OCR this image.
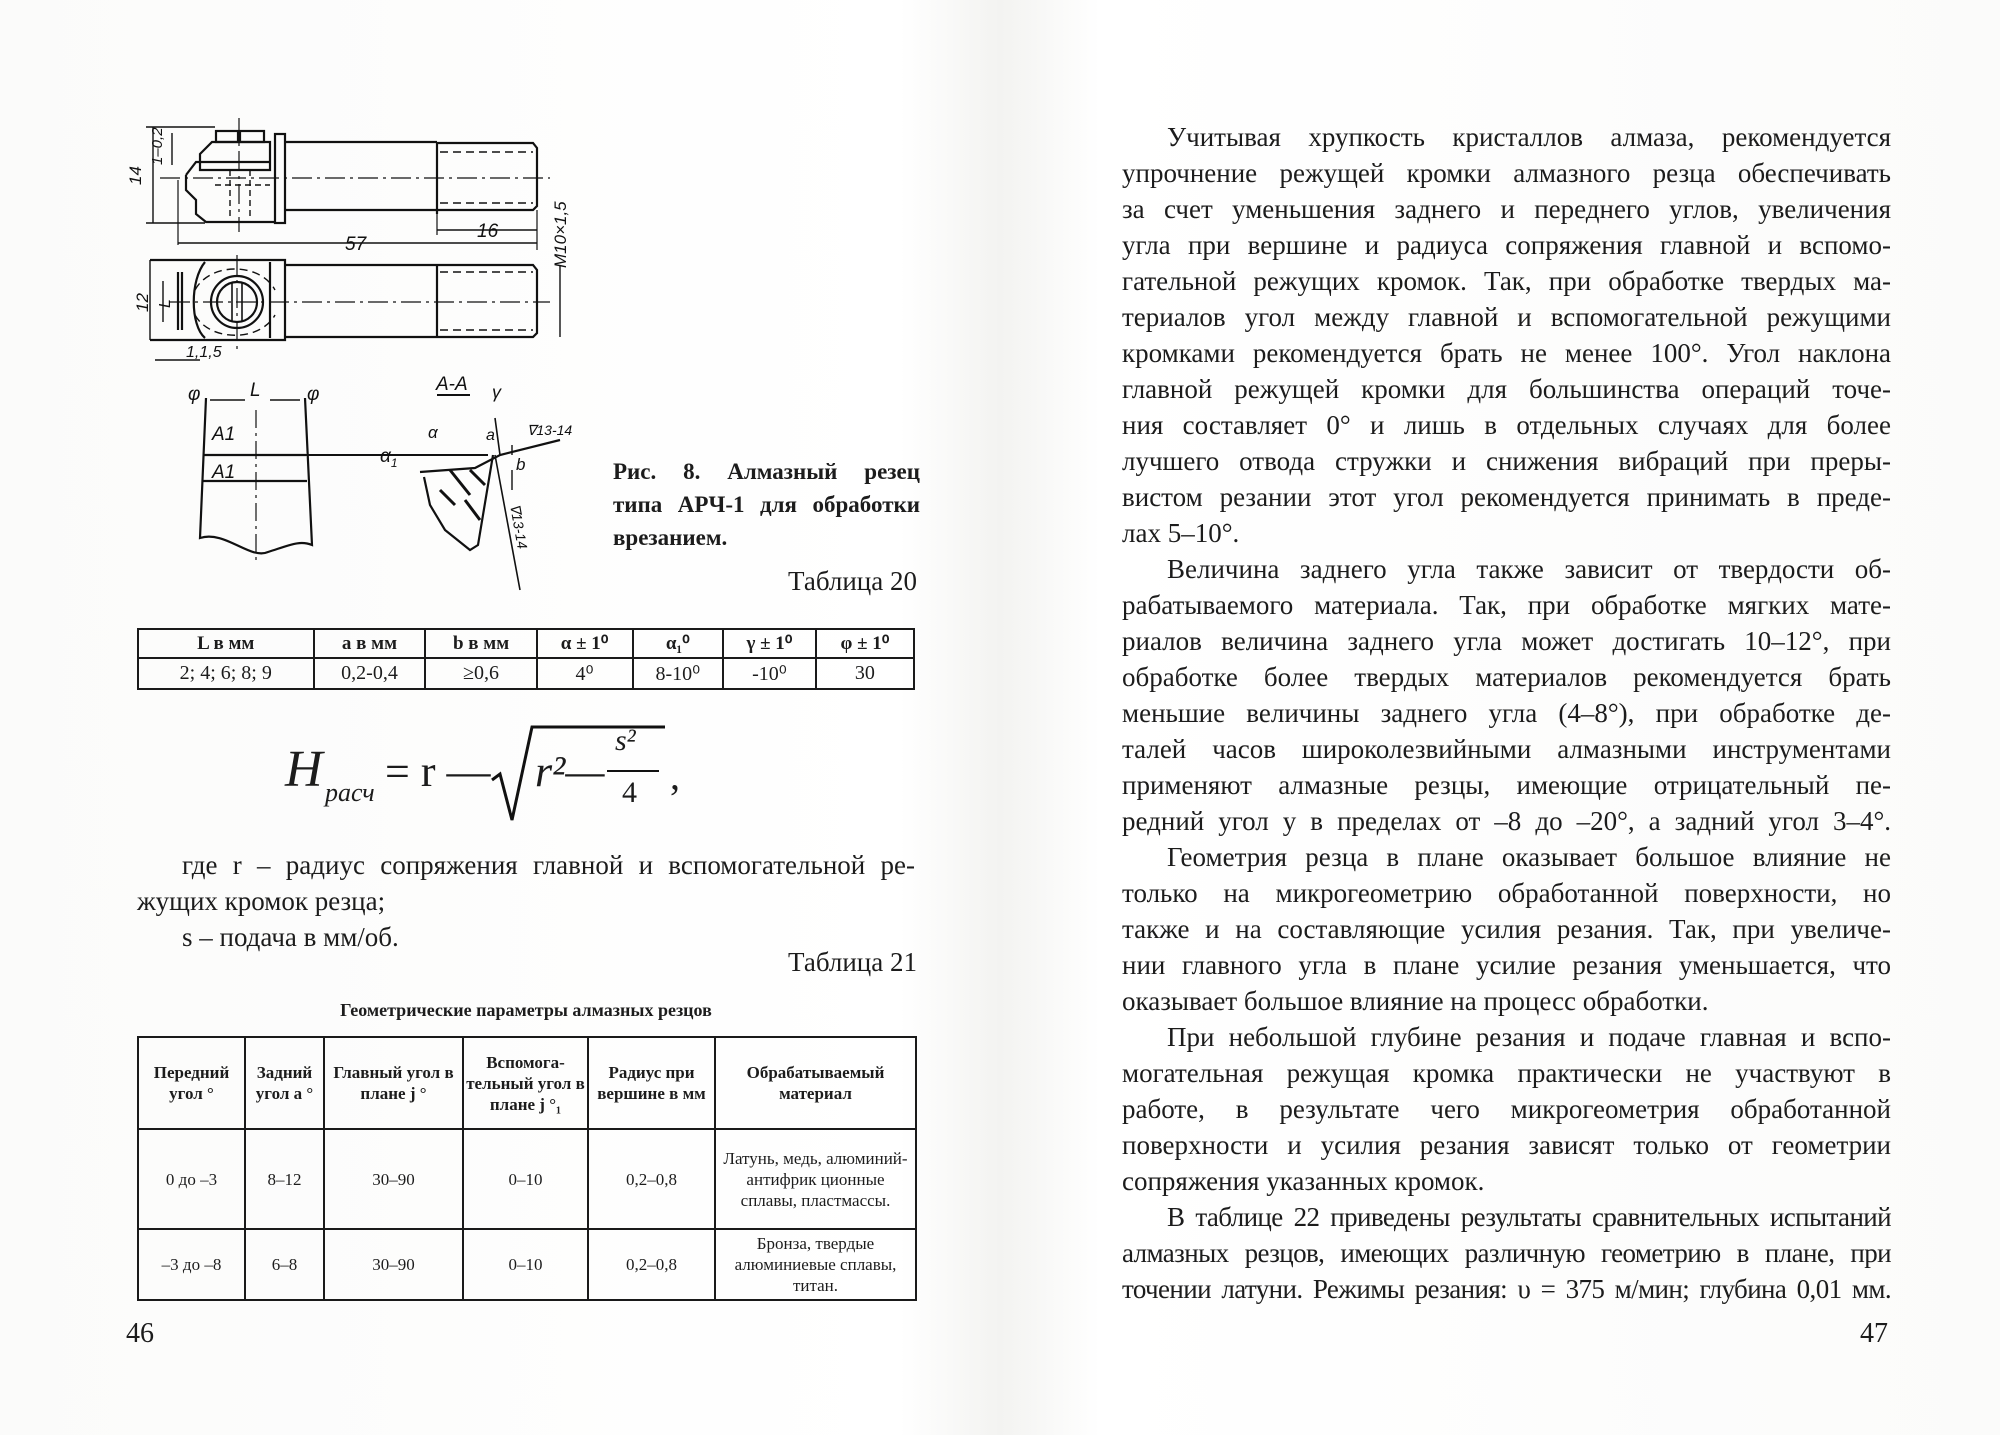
14
1–0,2
57
16	M10×1,5
12 L
1,1,5
φ	L φ
A1
A1
A-A γ
α	a
$\alpha_1$	b
∇13-14
∇13-14
Рис. 8. Алмазный резец
типа АРЧ-1 для обработки
врезанием.
Таблица 20
L в мм	a в мм	b в мм	α ± 1⁰	α₁⁰	γ ± 1⁰	φ ± 1⁰
2; 4; 6; 8; 9	0,2-0,4	≥0,6	4⁰	8-10⁰	-10⁰	30
H расч = r — r²—
s²
4 ,
где r – радиус сопряжения главной и вспомогательной ре-
жущих кромок резца;
s – подача в мм/об.
Таблица 21
Геометрические параметры алмазных резцов
Передний угол °	Задний угол a °	Главный угол в плане j °	Вспомога-тельный угол в плане j °₁	Радиус при вершине в мм	Обрабатываемый материал
0 до –3	8–12	30–90	0–10	0,2–0,8	Латунь, медь, алюминий-антифрик ционные сплавы, пластмассы.
–3 до –8	6–8	30–90	0–10	0,2–0,8	Бронза, твердые алюминиевые сплавы, титан.
46
Учитывая хрупкость кристаллов алмаза, рекомендуется
упрочнение режущей кромки алмазного резца обеспечивать
за счет уменьшения заднего и переднего углов, увеличения
угла при вершине и радиуса сопряжения главной и вспомо-
гательной режущих кромок. Так, при обработке твердых ма-
териалов угол между главной и вспомогательной режущими
кромками рекомендуется брать не менее 100°. Угол наклона
главной режущей кромки для большинства операций точе-
ния составляет 0° и лишь в отдельных случаях для более
лучшего отвода стружки и снижения вибраций при преры-
вистом резании этот угол рекомендуется принимать в преде-
лах 5–10°.
Величина заднего угла также зависит от твердости об-
рабатываемого материала. Так, при обработке мягких мате-
риалов величина заднего угла может достигать 10–12°, при
обработке более твердых материалов рекомендуется брать
меньшие величины заднего угла (4–8°), при обработке де-
талей часов широколезвийными алмазными инструментами
применяют алмазные резцы, имеющие отрицательный пе-
редний угол y в пределах от –8 до –20°, а задний угол 3–4°.
Геометрия резца в плане оказывает большое влияние не
только на микрогеометрию обработанной поверхности, но
также и на составляющие усилия резания. Так, при увеличе-
нии главного угла в плане усилие резания уменьшается, что
оказывает большое влияние на процесс обработки.
При небольшой глубине резания и подаче главная и вспо-
могательная режущая кромка практически не участвуют в
работе, в результате чего микрогеометрия обработанной
поверхности и усилия резания зависят только от геометрии
сопряжения указанных кромок.
В таблице 22 приведены результаты сравнительных испытаний
алмазных резцов, имеющих различную геометрию в плане, при
точении латуни. Режимы резания: υ = 375 м/мин; глубина 0,01 мм.
47
